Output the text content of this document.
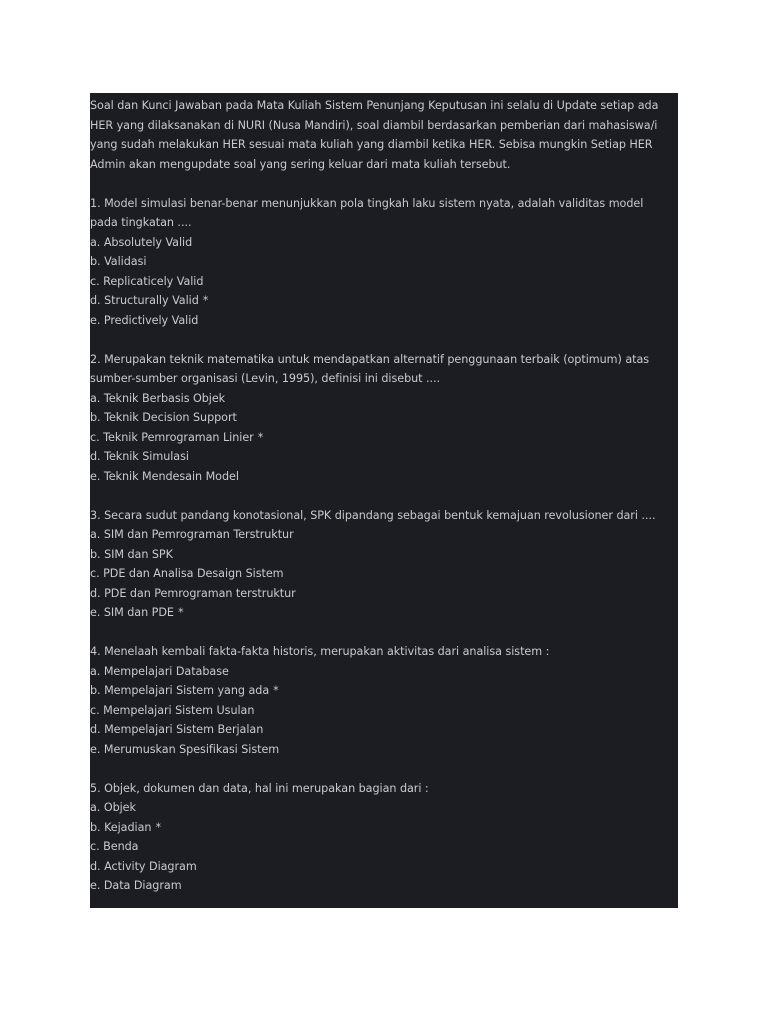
Soal dan Kunci Jawaban pada Mata Kuliah Sistem Penunjang Keputusan ini selalu di Update setiap ada
HER yang dilaksanakan di NURI (Nusa Mandiri), soal diambil berdasarkan pemberian dari mahasiswa/i
yang sudah melakukan HER sesuai mata kuliah yang diambil ketika HER. Sebisa mungkin Setiap HER
Admin akan mengupdate soal yang sering keluar dari mata kuliah tersebut.
1. Model simulasi benar-benar menunjukkan pola tingkah laku sistem nyata, adalah validitas model
pada tingkatan ....
a. Absolutely Valid
b. Validasi
c. Replicaticely Valid
d. Structurally Valid *
e. Predictively Valid
2. Merupakan teknik matematika untuk mendapatkan alternatif penggunaan terbaik (optimum) atas
sumber-sumber organisasi (Levin, 1995), definisi ini disebut ....
a. Teknik Berbasis Objek
b. Teknik Decision Support
c. Teknik Pemrograman Linier *
d. Teknik Simulasi
e. Teknik Mendesain Model
3. Secara sudut pandang konotasional, SPK dipandang sebagai bentuk kemajuan revolusioner dari ....
a. SIM dan Pemrograman Terstruktur
b. SIM dan SPK
c. PDE dan Analisa Desaign Sistem
d. PDE dan Pemrograman terstruktur
e. SIM dan PDE *
4. Menelaah kembali fakta-fakta historis, merupakan aktivitas dari analisa sistem :
a. Mempelajari Database
b. Mempelajari Sistem yang ada *
c. Mempelajari Sistem Usulan
d. Mempelajari Sistem Berjalan
e. Merumuskan Spesifikasi Sistem
5. Objek, dokumen dan data, hal ini merupakan bagian dari :
a. Objek
b. Kejadian *
c. Benda
d. Activity Diagram
e. Data Diagram
